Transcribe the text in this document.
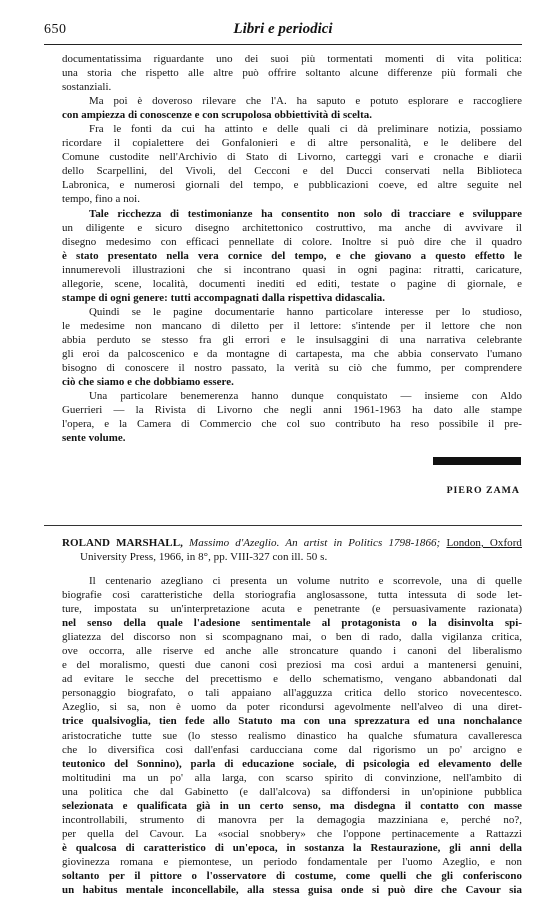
650	Libri e periodici
documentatissima riguardante uno dei suoi più tormentati momenti di vita politica:
una storia che rispetto alle altre può offrire soltanto alcune differenze più formali che
sostanziali.
Ma poi è doveroso rilevare che l'A. ha saputo e potuto esplorare e raccogliere
con ampiezza di conoscenze e con scrupolosa obbiettività di scelta.
Fra le fonti da cui ha attinto e delle quali ci dà preliminare notizia, possiamo
ricordare il copialettere dei Gonfalonieri e di altre personalità, e le delibere del
Comune custodite nell'Archivio di Stato di Livorno, carteggi vari e cronache e diarii
dello Scarpellini, del Vivoli, del Cecconi e del Ducci conservati nella Biblioteca
Labronica, e numerosi giornali del tempo, e pubblicazioni coeve, ed altre seguite nel
tempo, fino a noi.
Tale ricchezza di testimonianze ha consentito non solo di tracciare e sviluppare
un diligente e sicuro disegno architettonico costruttivo, ma anche di avvivare il
disegno medesimo con efficaci pennellate di colore. Inoltre si può dire che il quadro
è stato presentato nella vera cornice del tempo, e che giovano a questo effetto le
innumerevoli illustrazioni che si incontrano quasi in ogni pagina: ritratti, caricature,
allegorie, scene, località, documenti inediti ed editi, testate o pagine di giornale, e
stampe di ogni genere: tutti accompagnati dalla rispettiva didascalia.
Quindi se le pagine documentarie hanno particolare interesse per lo studioso,
le medesime non mancano di diletto per il lettore: s'intende per il lettore che non
abbia perduto se stesso fra gli errori e le insulsaggini di una narrativa celebrante
gli eroi da palcoscenico e da montagne di cartapesta, ma che abbia conservato l'umano
bisogno di conoscere il nostro passato, la verità su ciò che fummo, per comprendere
ciò che siamo e che dobbiamo essere.
Una particolare benemerenza hanno dunque conquistato — insieme con Aldo
Guerrieri — la Rivista di Livorno che negli anni 1961-1963 ha dato alle stampe
l'opera, e la Camera di Commercio che col suo contributo ha reso possibile il pre-
sente volume.
PIERO ZAMA
ROLAND MARSHALL, Massimo d'Azeglio. An artist in Politics 1798-1866; London, Oxford
University Press, 1966, in 8°, pp. VIII-327 con ill. 50 s.
Il centenario azegliano ci presenta un volume nutrito e scorrevole, una di quelle
biografie così caratteristiche della storiografia anglosassone, tutta intessuta di sode let-
ture, impostata su un'interpretazione acuta e penetrante (e persuasivamente razionata)
nel senso della quale l'adesione sentimentale al protagonista o la disinvolta spi-
gliatezza del discorso non si scompagnano mai, o ben di rado, dalla vigilanza critica,
ove occorra, alle riserve ed anche alle stroncature quando i canoni del liberalismo
e del moralismo, questi due canoni così preziosi ma così ardui a mantenersi genuini,
ad evitare le secche del precettismo e dello schematismo, vengano abbandonati dal
personaggio biografato, o tali appaiano all'agguzza critica dello storico novecentesco.
Azeglio, si sa, non è uomo da poter ricondursi agevolmente nell'alveo di una diret-
trice qualsivoglia, tien fede allo Statuto ma con una sprezzatura ed una nonchalance
aristocratiche tutte sue (lo stesso realismo dinastico ha qualche sfumatura cavalleresca
che lo diversifica così dall'enfasi carducciana come dal rigorismo un po' arcigno e
teutonico del Sonnino), parla di educazione sociale, di psicologia ed elevamento delle
moltitudini ma un po' alla larga, con scarso spirito di convinzione, nell'ambito di
una politica che dal Gabinetto (e dall'alcova) sa diffondersi in un'opinione pubblica
selezionata e qualificata già in un certo senso, ma disdegna il contatto con masse
incontrollabili, strumento di manovra per la demagogia mazziniana e, perché no?,
per quella del Cavour. La «social snobbery» che l'oppone pertinacemente a Rattazzi
è qualcosa di caratteristico di un'epoca, in sostanza la Restaurazione, gli anni della
giovinezza romana e piemontese, un periodo fondamentale per l'uomo Azeglio, e non
soltanto per il pittore o l'osservatore di costume, come quelli che gli conferiscono
un habitus mentale inconcellabile, alla stessa guisa onde si può dire che Cavour sia
